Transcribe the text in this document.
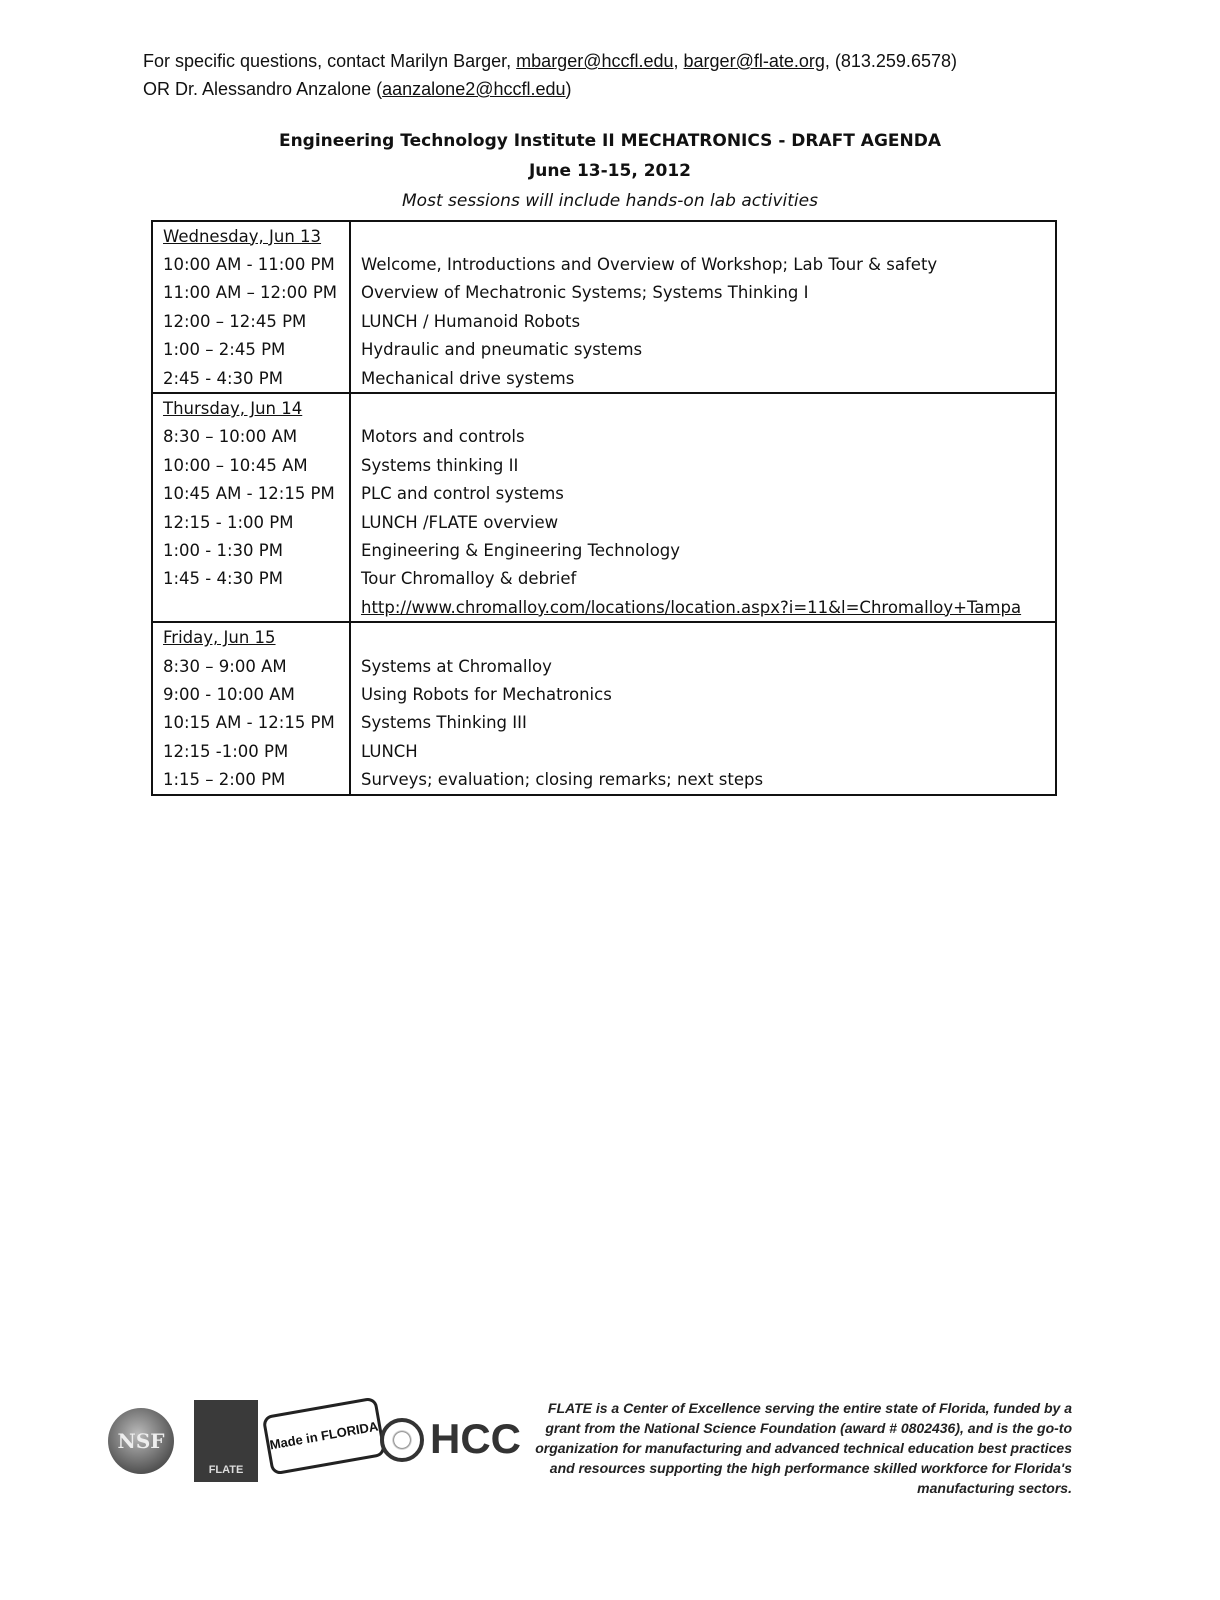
For specific questions, contact Marilyn Barger, mbarger@hccfl.edu, barger@fl-ate.org, (813.259.6578)
OR Dr. Alessandro Anzalone (aanzalone2@hccfl.edu)
Engineering Technology Institute II MECHATRONICS - DRAFT AGENDA
June 13-15, 2012
Most sessions will include hands-on lab activities
Wednesday, Jun 13	
10:00 AM - 11:00 PM	Welcome, Introductions and Overview of Workshop; Lab Tour & safety
11:00 AM – 12:00 PM	Overview of Mechatronic Systems; Systems Thinking I
12:00 – 12:45 PM	LUNCH / Humanoid Robots
1:00 – 2:45 PM	Hydraulic and pneumatic systems
2:45 - 4:30 PM	Mechanical drive systems
Thursday, Jun 14	
8:30 – 10:00 AM	Motors and controls
10:00 – 10:45 AM	Systems thinking II
10:45 AM - 12:15 PM	PLC and control systems
12:15 - 1:00 PM	LUNCH /FLATE overview
1:00 - 1:30 PM	Engineering & Engineering Technology
1:45 - 4:30 PM	Tour Chromalloy & debrief
	http://www.chromalloy.com/locations/location.aspx?i=11&l=Chromalloy+Tampa
Friday, Jun 15	
8:30 – 9:00 AM	Systems at Chromalloy
9:00 - 10:00 AM	Using Robots for Mechatronics
10:15 AM - 12:15 PM	Systems Thinking III
12:15 -1:00 PM	LUNCH
1:15 – 2:00 PM	Surveys; evaluation; closing remarks; next steps
NSF
FLATE
Made in FLORIDA HCC
FLATE is a Center of Excellence serving the entire state of Florida, funded by a grant from the National Science Foundation (award # 0802436), and is the go-to organization for manufacturing and advanced technical education best practices and resources supporting the high performance skilled workforce for Florida's manufacturing sectors.
